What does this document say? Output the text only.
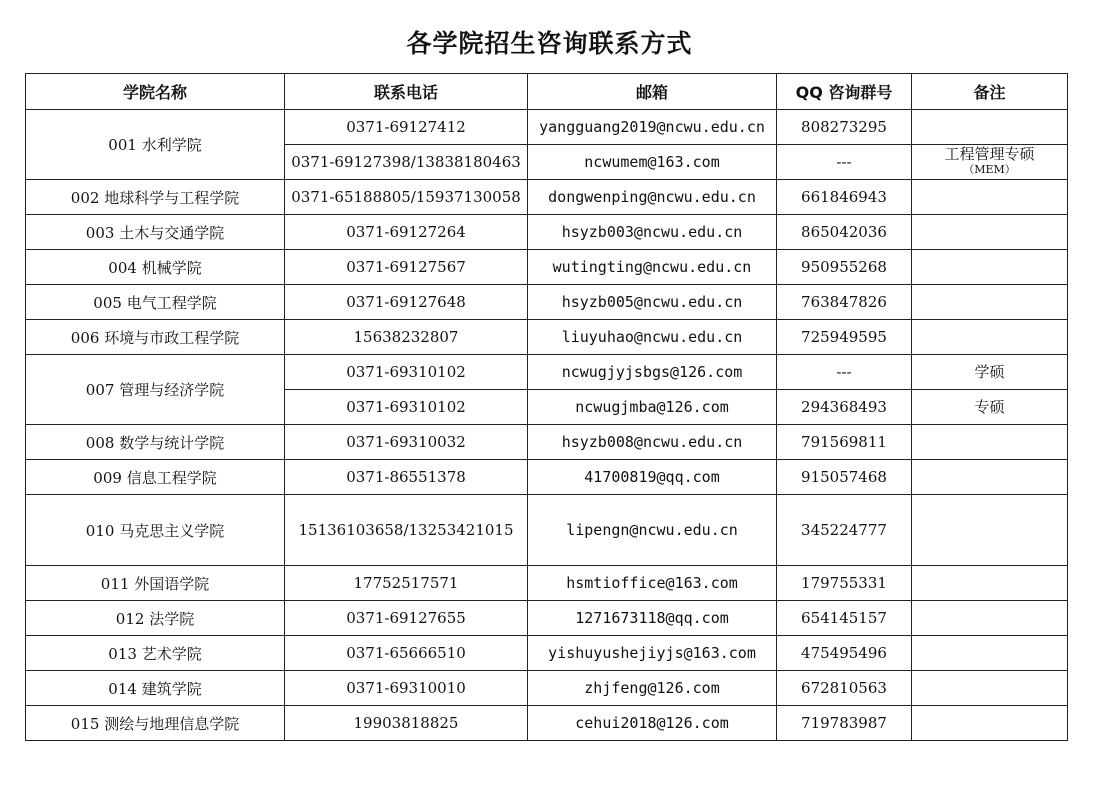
各学院招生咨询联系方式
学院名称	联系电话	邮箱	QQ 咨询群号	备注
001 水利学院	0371-69127412	yangguang2019@ncwu.edu.cn	808273295	
	0371-69127398/13838180463	ncwumem@163.com	---	工程管理专硕
（MEM）

002 地球科学与工程学院	0371-65188805/15937130058	dongwenping@ncwu.edu.cn	661846943	
003 土木与交通学院	0371-69127264	hsyzb003@ncwu.edu.cn	865042036	
004 机械学院	0371-69127567	wutingting@ncwu.edu.cn	950955268	
005 电气工程学院	0371-69127648	hsyzb005@ncwu.edu.cn	763847826	
006 环境与市政工程学院	15638232807	liuyuhao@ncwu.edu.cn	725949595	
007 管理与经济学院	0371-69310102	ncwugjyjsbgs@126.com	---	学硕
	0371-69310102	ncwugjmba@126.com	294368493	专硕
008 数学与统计学院	0371-69310032	hsyzb008@ncwu.edu.cn	791569811	
009 信息工程学院	0371-86551378	41700819@qq.com	915057468	
010 马克思主义学院	15136103658/13253421015	lipengn@ncwu.edu.cn	345224777	
011 外国语学院	17752517571	hsmtioffice@163.com	179755331	
012 法学院	0371-69127655	1271673118@qq.com	654145157	
013 艺术学院	0371-65666510	yishuyushejiyjs@163.com	475495496	
014 建筑学院	0371-69310010	zhjfeng@126.com	672810563	
015 测绘与地理信息学院	19903818825	cehui2018@126.com	719783987	
